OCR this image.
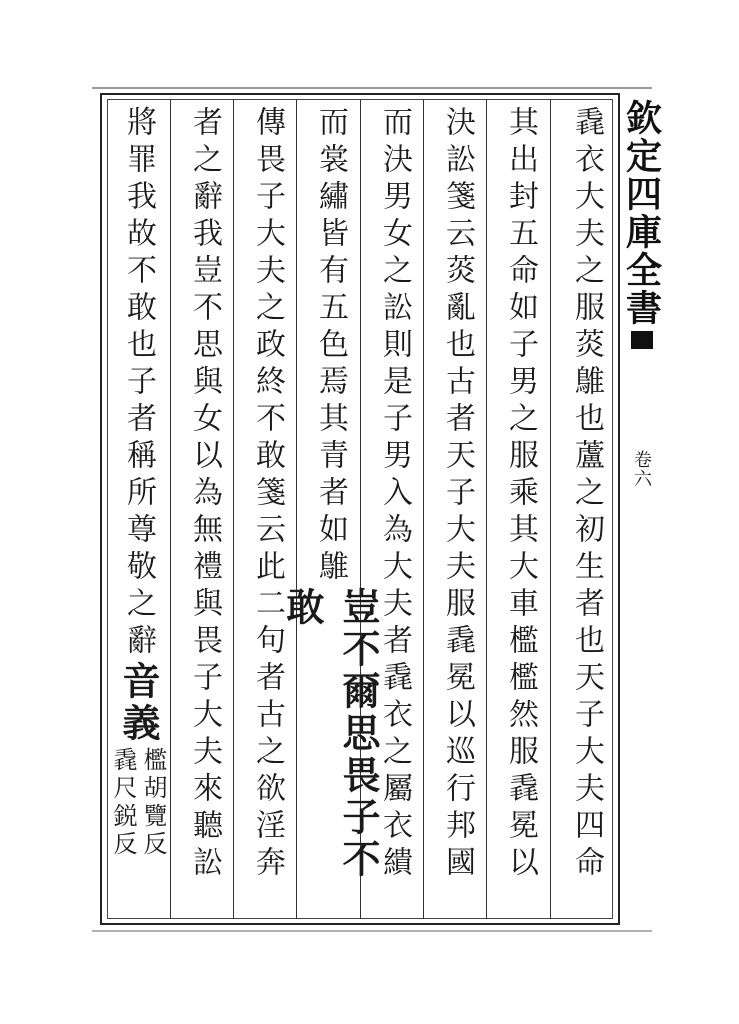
欽定四庫全書
卷六
毳衣大夫之服菼鵻也蘆之初生者也天子大夫四命
其出封五命如子男之服乘其大車檻檻然服毳冕以
決訟箋云菼亂也古者天子大夫服毳冕以巡行邦國
而決男女之訟則是子男入為大夫者毳衣之屬衣繢
而裳繡皆有五色焉其青者如鵻
豈不爾思畏子不敢
傳畏子大夫之政終不敢箋云此二句者古之欲淫奔
者之辭我豈不思與女以為無禮與畏子大夫來聽訟
將罪我故不敢也子者稱所尊敬之辭
音義
檻胡覽反
毳尺鋭反
